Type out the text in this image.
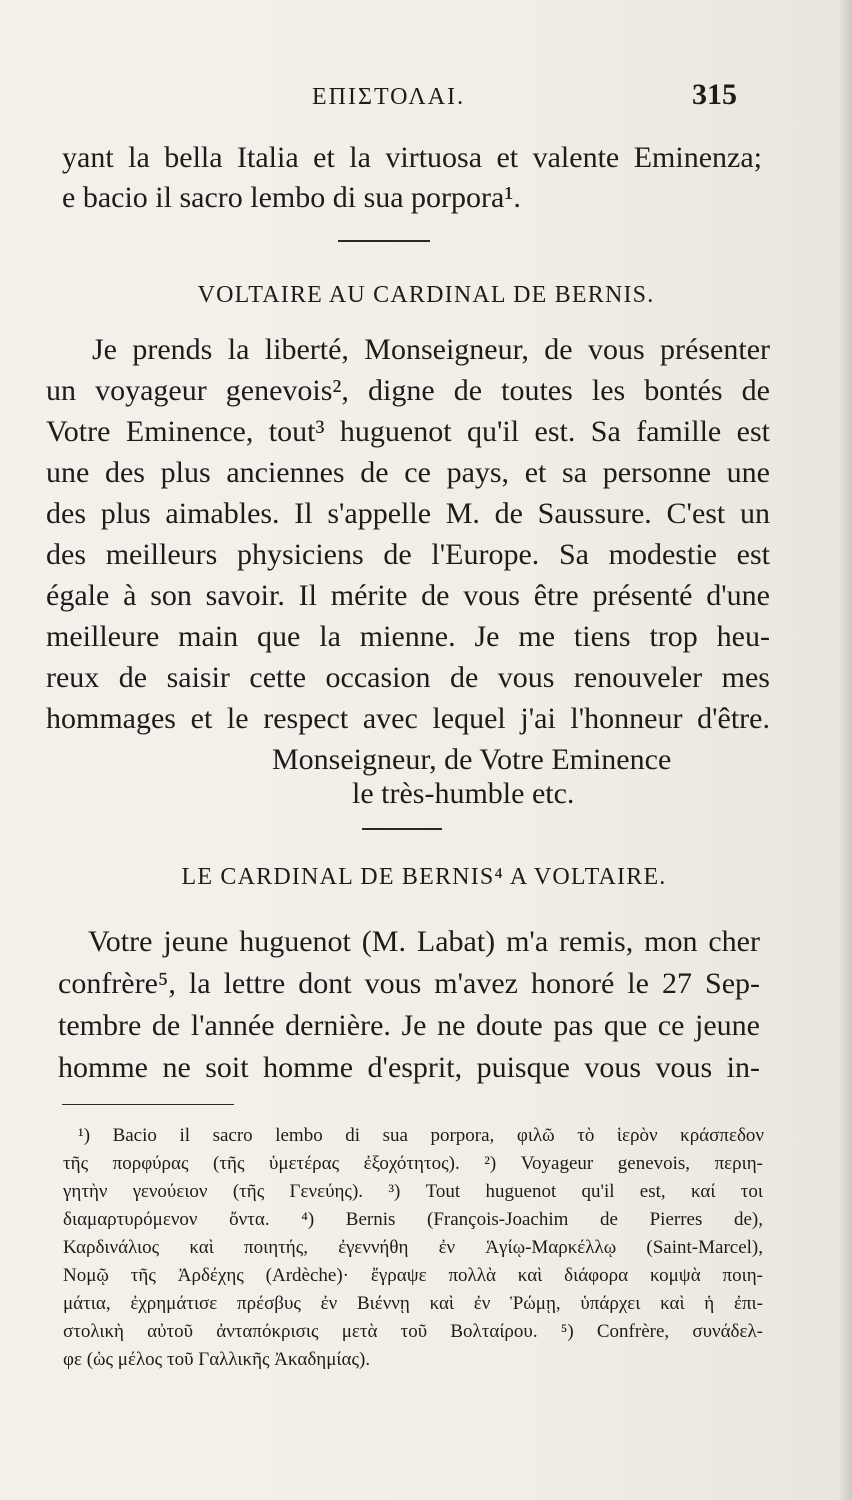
ΕΠΙΣΤΟΛΑΙ.	315
yant la bella Italia et la virtuosa et valente Eminenza;
e bacio il sacro lembo di sua porpora¹.
VOLTAIRE AU CARDINAL DE BERNIS.
Je prends la liberté, Monseigneur, de vous présenter
un voyageur genevois², digne de toutes les bontés de
Votre Eminence, tout³ huguenot qu'il est. Sa famille est
une des plus anciennes de ce pays, et sa personne une
des plus aimables. Il s'appelle M. de Saussure. C'est un
des meilleurs physiciens de l'Europe. Sa modestie est
égale à son savoir. Il mérite de vous être présenté d'une
meilleure main que la mienne. Je me tiens trop heu-
reux de saisir cette occasion de vous renouveler mes
hommages et le respect avec lequel j'ai l'honneur d'être.
Monseigneur, de Votre Eminence
le très-humble etc.
LE CARDINAL DE BERNIS⁴ A VOLTAIRE.
Votre jeune huguenot (M. Labat) m'a remis, mon cher
confrère⁵, la lettre dont vous m'avez honoré le 27 Sep-
tembre de l'année dernière. Je ne doute pas que ce jeune
homme ne soit homme d'esprit, puisque vous vous in-
¹) Bacio il sacro lembo di sua porpora, φιλῶ τὸ ἱερὸν κράσπεδον
τῆς πορφύρας (τῆς ὑμετέρας ἐξοχότητος). ²) Voyageur genevois, περιη-
γητὴν γενούειον (τῆς Γενεύης). ³) Tout huguenot qu'il est, καί τοι
διαμαρτυρόμενον ὄντα. ⁴) Bernis (François-Joachim de Pierres de),
Καρδινάλιος καὶ ποιητής, ἐγεννήθη ἐν Ἁγίῳ-Μαρκέλλῳ (Saint-Marcel),
Νομῷ τῆς Ἀρδέχης (Ardèche)· ἔγραψε πολλὰ καὶ διάφορα κομψὰ ποιη-
μάτια, ἐχρημάτισε πρέσβυς ἐν Βιέννῃ καὶ ἐν Ῥώμῃ, ὑπάρχει καὶ ἡ ἐπι-
στολικὴ αὐτοῦ ἀνταπόκρισις μετὰ τοῦ Βολταίρου. ⁵) Confrère, συνάδελ-
φε (ὡς μέλος τοῦ Γαλλικῆς Ἀκαδημίας).
